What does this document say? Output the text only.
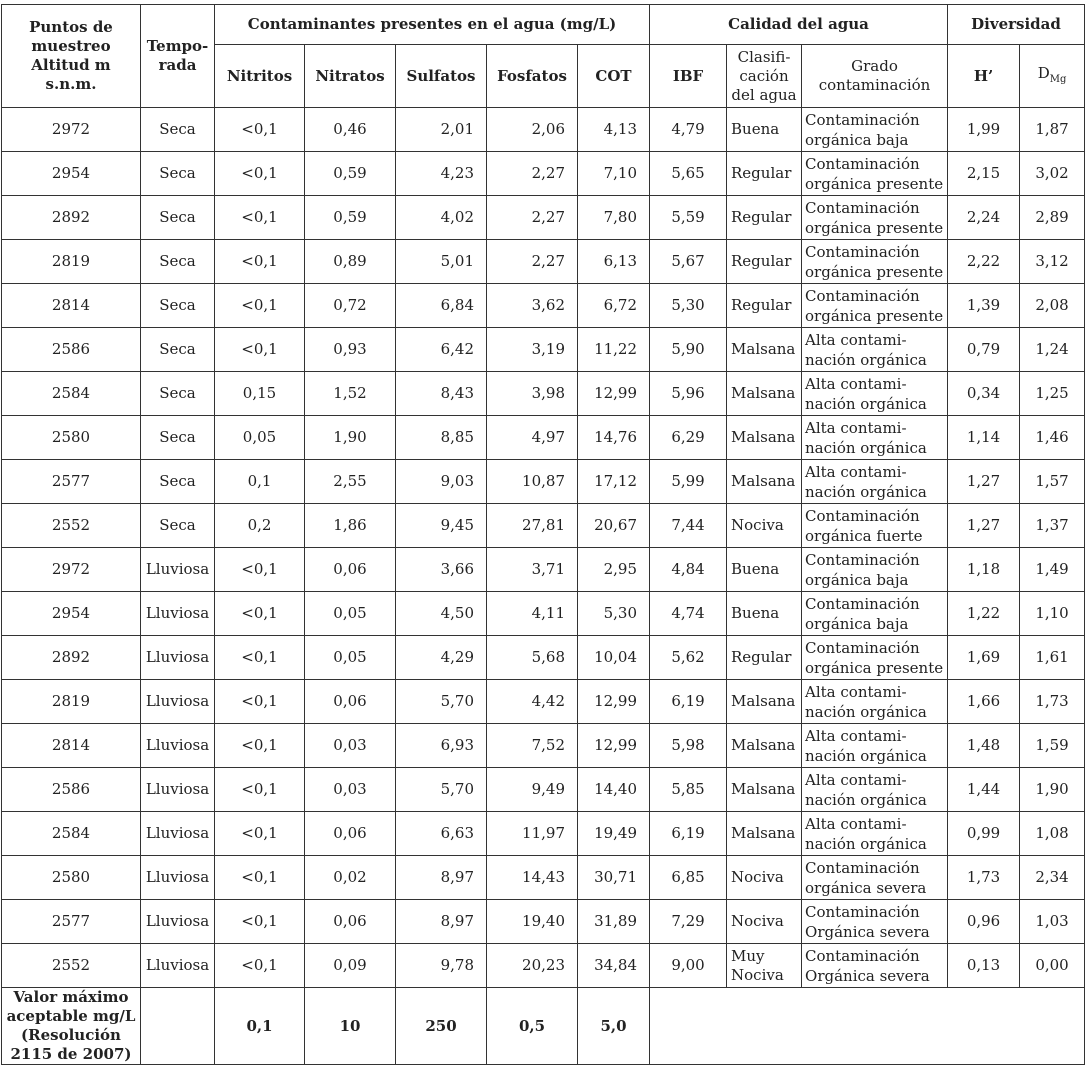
Puntos de muestreo Altitud m s.n.m.	Tempo-rada	Contaminantes presentes en el agua (mg/L)					Calidad del agua			Diversidad	
		Nitritos	Nitratos	Sulfatos	Fosfatos	COT	IBF	Clasifi-cación del agua	Grado contaminación	H’	$D_{Mg}$
2972	Seca	<0,1	0,46	2,01	2,06	4,13	4,79	Buena	Contaminación orgánica baja	1,99	1,87
2954	Seca	<0,1	0,59	4,23	2,27	7,10	5,65	Regular	Contaminación orgánica presente	2,15	3,02
2892	Seca	<0,1	0,59	4,02	2,27	7,80	5,59	Regular	Contaminación orgánica presente	2,24	2,89
2819	Seca	<0,1	0,89	5,01	2,27	6,13	5,67	Regular	Contaminación orgánica presente	2,22	3,12
2814	Seca	<0,1	0,72	6,84	3,62	6,72	5,30	Regular	Contaminación orgánica presente	1,39	2,08
2586	Seca	<0,1	0,93	6,42	3,19	11,22	5,90	Malsana	Alta contami-nación orgánica	0,79	1,24
2584	Seca	0,15	1,52	8,43	3,98	12,99	5,96	Malsana	Alta contami-nación orgánica	0,34	1,25
2580	Seca	0,05	1,90	8,85	4,97	14,76	6,29	Malsana	Alta contami-nación orgánica	1,14	1,46
2577	Seca	0,1	2,55	9,03	10,87	17,12	5,99	Malsana	Alta contami-nación orgánica	1,27	1,57
2552	Seca	0,2	1,86	9,45	27,81	20,67	7,44	Nociva	Contaminación orgánica fuerte	1,27	1,37
2972	Lluviosa	<0,1	0,06	3,66	3,71	2,95	4,84	Buena	Contaminación orgánica baja	1,18	1,49
2954	Lluviosa	<0,1	0,05	4,50	4,11	5,30	4,74	Buena	Contaminación orgánica baja	1,22	1,10
2892	Lluviosa	<0,1	0,05	4,29	5,68	10,04	5,62	Regular	Contaminación orgánica presente	1,69	1,61
2819	Lluviosa	<0,1	0,06	5,70	4,42	12,99	6,19	Malsana	Alta contami-nación orgánica	1,66	1,73
2814	Lluviosa	<0,1	0,03	6,93	7,52	12,99	5,98	Malsana	Alta contami-nación orgánica	1,48	1,59
2586	Lluviosa	<0,1	0,03	5,70	9,49	14,40	5,85	Malsana	Alta contami-nación orgánica	1,44	1,90
2584	Lluviosa	<0,1	0,06	6,63	11,97	19,49	6,19	Malsana	Alta contami-nación orgánica	0,99	1,08
2580	Lluviosa	<0,1	0,02	8,97	14,43	30,71	6,85	Nociva	Contaminación orgánica severa	1,73	2,34
2577	Lluviosa	<0,1	0,06	8,97	19,40	31,89	7,29	Nociva	Contaminación Orgánica severa	0,96	1,03
2552	Lluviosa	<0,1	0,09	9,78	20,23	34,84	9,00	Muy Nociva	Contaminación Orgánica severa	0,13	0,00
Valor máximo aceptable mg/L (Resolución 2115 de 2007)		0,1	10	250	0,5	5,0					
